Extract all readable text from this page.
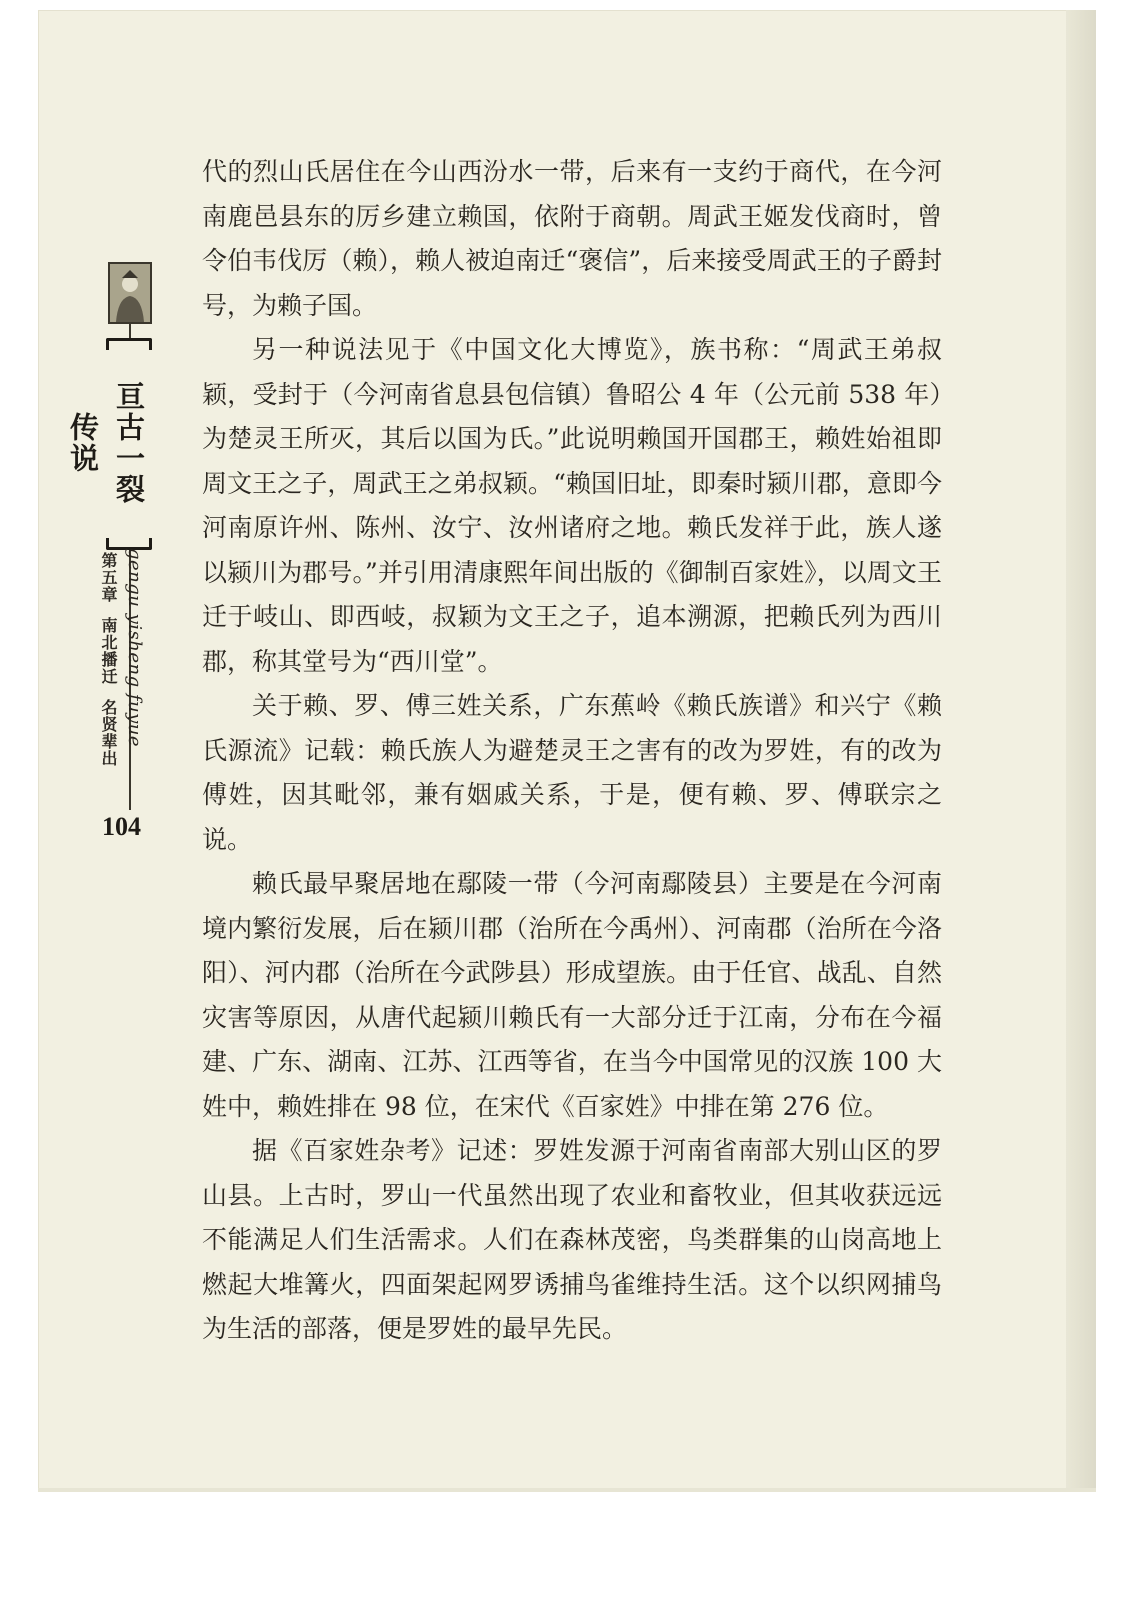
亘古一裂 传说
第五章南北播迁名贤辈出 gengu yisheng fuyue
104

代的烈山氏居住在今山西汾水一带，后来有一支约于商代，在今河南鹿邑县东的厉乡建立赖国，依附于商朝。周武王姬发伐商时，曾令伯韦伐厉（赖），赖人被迫南迁“褒信”，后来接受周武王的子爵封号，为赖子国。

另一种说法见于《中国文化大博览》，族书称：“周武王弟叔颖，受封于（今河南省息县包信镇）鲁昭公 4 年（公元前 538 年）为楚灵王所灭，其后以国为氏。”此说明赖国开国郡王，赖姓始祖即周文王之子，周武王之弟叔颖。“赖国旧址，即秦时颍川郡，意即今河南原许州、陈州、汝宁、汝州诸府之地。赖氏发祥于此，族人遂以颍川为郡号。”并引用清康熙年间出版的《御制百家姓》，以周文王迁于岐山、即西岐，叔颖为文王之子，追本溯源，把赖氏列为西川郡，称其堂号为“西川堂”。

关于赖、罗、傅三姓关系，广东蕉岭《赖氏族谱》和兴宁《赖氏源流》记载：赖氏族人为避楚灵王之害有的改为罗姓，有的改为傅姓，因其毗邻，兼有姻戚关系，于是，便有赖、罗、傅联宗之说。

赖氏最早聚居地在鄢陵一带（今河南鄢陵县）主要是在今河南境内繁衍发展，后在颍川郡（治所在今禹州）、河南郡（治所在今洛阳）、河内郡（治所在今武陟县）形成望族。由于任官、战乱、自然灾害等原因，从唐代起颍川赖氏有一大部分迁于江南，分布在今福建、广东、湖南、江苏、江西等省，在当今中国常见的汉族 100 大姓中，赖姓排在 98 位，在宋代《百家姓》中排在第 276 位。

据《百家姓杂考》记述：罗姓发源于河南省南部大别山区的罗山县。上古时，罗山一代虽然出现了农业和畜牧业，但其收获远远不能满足人们生活需求。人们在森林茂密，鸟类群集的山岗高地上燃起大堆篝火，四面架起网罗诱捕鸟雀维持生活。这个以织网捕鸟为生活的部落，便是罗姓的最早先民。
